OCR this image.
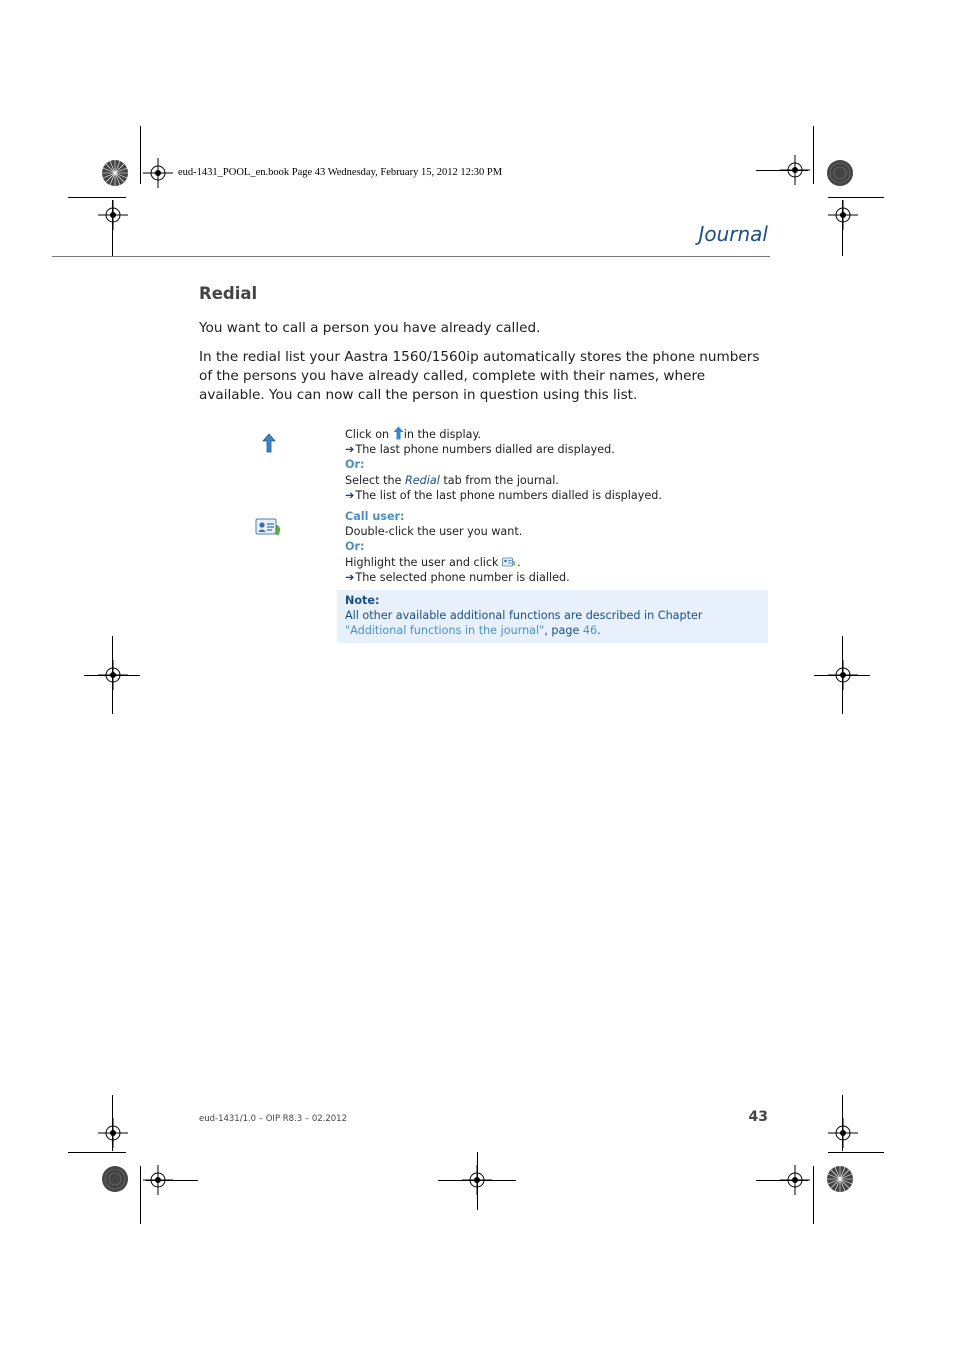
eud-1431_POOL_en.book Page 43 Wednesday, February 15, 2012 12:30 PM
Journal
Redial

You want to call a person you have already called.

In the redial list your Aastra 1560/1560ip automatically stores the phone numbers of the persons you have already called, complete with their names, where available. You can now call the person in question using this list.

Click on in the display.
➔The last phone numbers dialled are displayed.
Or:
Select the Redial tab from the journal.
➔The list of the last phone numbers dialled is displayed.
Call user:
Double-click the user you want.
Or:
Highlight the user and click .
➔The selected phone number is dialled.
Note:
All other available additional functions are described in Chapter "Additional functions in the journal", page 46.
eud-1431/1.0 – OIP R8.3 – 02.2012	43
